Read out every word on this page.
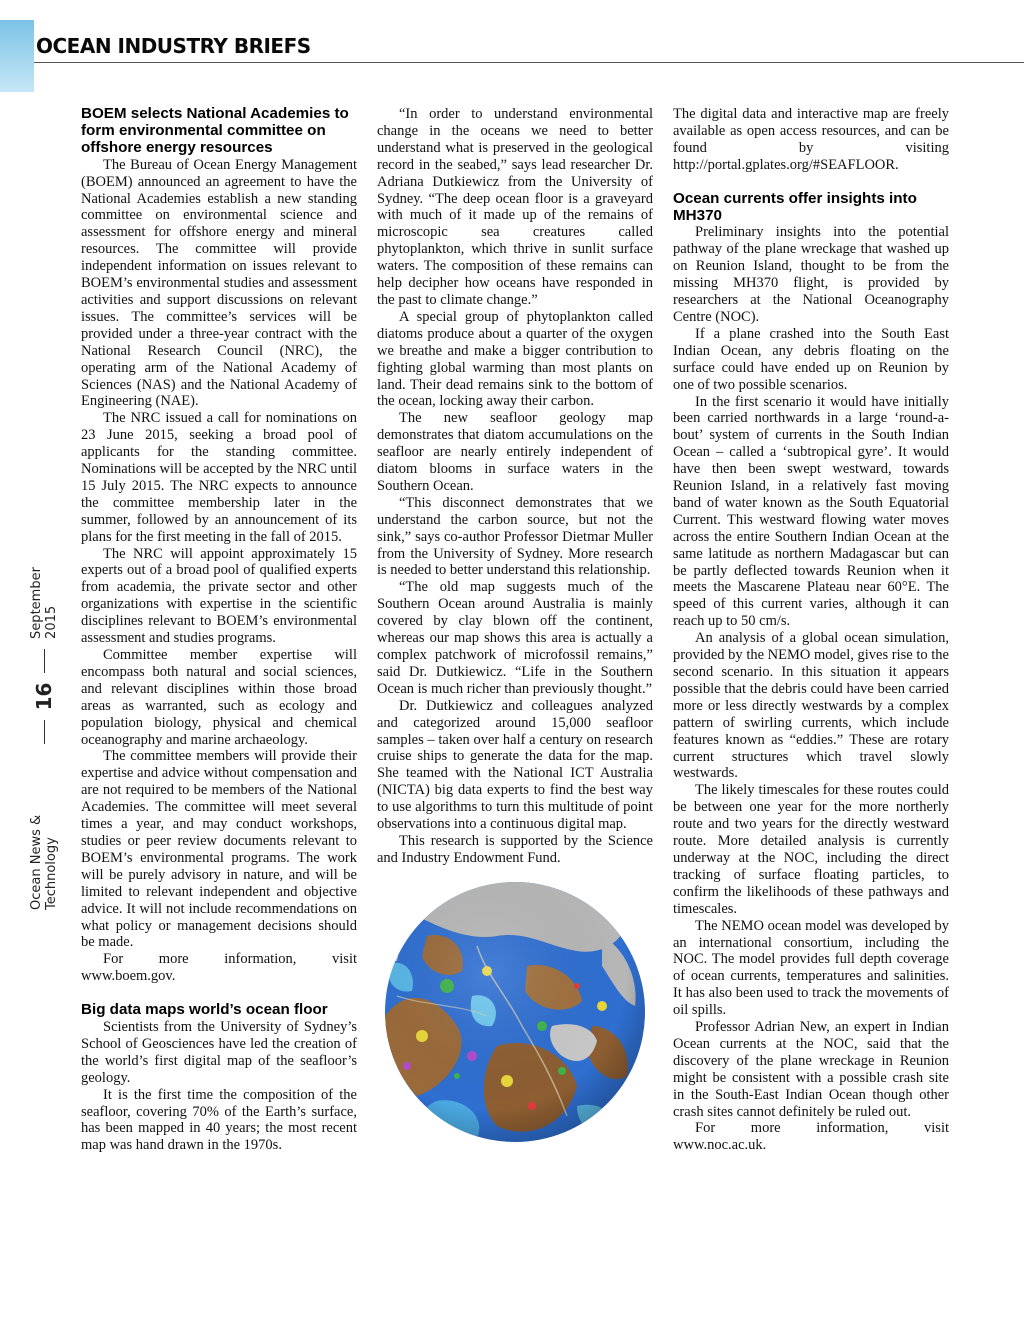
OCEAN INDUSTRY BRIEFS
Ocean News & Technology
16
September 2015
BOEM selects National Academies to form environmental committee on offshore energy resources

The Bureau of Ocean Energy Management (BOEM) announced an agreement to have the National Academies establish a new standing committee on environmental science and assessment for offshore energy and mineral resources. The committee will provide independent information on issues relevant to BOEM’s environmental studies and assessment activities and support discussions on relevant issues. The committee’s services will be provided under a three-year contract with the National Research Council (NRC), the operating arm of the National Academy of Sciences (NAS) and the National Academy of Engineering (NAE).

The NRC issued a call for nominations on 23 June 2015, seeking a broad pool of applicants for the standing committee. Nominations will be accepted by the NRC until 15 July 2015. The NRC expects to announce the committee membership later in the summer, followed by an announcement of its plans for the first meeting in the fall of 2015.

The NRC will appoint approximately 15 experts out of a broad pool of qualified experts from academia, the private sector and other organizations with expertise in the scientific disciplines relevant to BOEM’s environmental assessment and studies programs.

Committee member expertise will encompass both natural and social sciences, and relevant disciplines within those broad areas as warranted, such as ecology and population biology, physical and chemical oceanography and marine archaeology.

The committee members will provide their expertise and advice without compensation and are not required to be members of the National Academies. The committee will meet several times a year, and may conduct workshops, studies or peer review documents relevant to BOEM’s environmental programs. The work will be purely advisory in nature, and will be limited to relevant independent and objective advice. It will not include recommendations on what policy or management decisions should be made.

For more information, visit www.boem.gov.

Big data maps world’s ocean floor

Scientists from the University of Sydney’s School of Geosciences have led the creation of the world’s first digital map of the seafloor’s geology.

It is the first time the composition of the seafloor, covering 70% of the Earth’s surface, has been mapped in 40 years; the most recent map was hand drawn in the 1970s.

“In order to understand environmental change in the oceans we need to better understand what is preserved in the geological record in the seabed,” says lead researcher Dr. Adriana Dutkiewicz from the University of Sydney. “The deep ocean floor is a graveyard with much of it made up of the remains of microscopic sea creatures called phytoplankton, which thrive in sunlit surface waters. The composition of these remains can help decipher how oceans have responded in the past to climate change.”

A special group of phytoplankton called diatoms produce about a quarter of the oxygen we breathe and make a bigger contribution to fighting global warming than most plants on land. Their dead remains sink to the bottom of the ocean, locking away their carbon.

The new seafloor geology map demonstrates that diatom accumulations on the seafloor are nearly entirely independent of diatom blooms in surface waters in the Southern Ocean.

“This disconnect demonstrates that we understand the carbon source, but not the sink,” says co-author Professor Dietmar Muller from the University of Sydney. More research is needed to better understand this relationship.

“The old map suggests much of the Southern Ocean around Australia is mainly covered by clay blown off the continent, whereas our map shows this area is actually a complex patchwork of microfossil remains,” said Dr. Dutkiewicz. “Life in the Southern Ocean is much richer than previously thought.”

Dr. Dutkiewicz and colleagues analyzed and categorized around 15,000 seafloor samples – taken over half a century on research cruise ships to generate the data for the map. She teamed with the National ICT Australia (NICTA) big data experts to find the best way to use algorithms to turn this multitude of point observations into a continuous digital map.

This research is supported by the Science and Industry Endowment Fund.

The digital data and interactive map are freely available as open access resources, and can be found by visiting http://portal.gplates.org/#SEAFLOOR.

Ocean currents offer insights into MH370

Preliminary insights into the potential pathway of the plane wreckage that washed up on Reunion Island, thought to be from the missing MH370 flight, is provided by researchers at the National Oceanography Centre (NOC).

If a plane crashed into the South East Indian Ocean, any debris floating on the surface could have ended up on Reunion by one of two possible scenarios.

In the first scenario it would have initially been carried northwards in a large ‘round-a-bout’ system of currents in the South Indian Ocean – called a ‘subtropical gyre’. It would have then been swept westward, towards Reunion Island, in a relatively fast moving band of water known as the South Equatorial Current. This westward flowing water moves across the entire Southern Indian Ocean at the same latitude as northern Madagascar but can be partly deflected towards Reunion when it meets the Mascarene Plateau near 60°E. The speed of this current varies, although it can reach up to 50 cm/s.

An analysis of a global ocean simulation, provided by the NEMO model, gives rise to the second scenario. In this situation it appears possible that the debris could have been carried more or less directly westwards by a complex pattern of swirling currents, which include features known as “eddies.” These are rotary current structures which travel slowly westwards.

The likely timescales for these routes could be between one year for the more northerly route and two years for the directly westward route. More detailed analysis is currently underway at the NOC, including the direct tracking of surface floating particles, to confirm the likelihoods of these pathways and timescales.

The NEMO ocean model was developed by an international consortium, including the NOC. The model provides full depth coverage of ocean currents, temperatures and salinities. It has also been used to track the movements of oil spills.

Professor Adrian New, an expert in Indian Ocean currents at the NOC, said that the discovery of the plane wreckage in Reunion might be consistent with a possible crash site in the South-East Indian Ocean though other crash sites cannot definitely be ruled out.

For more information, visit www.noc.ac.uk.
